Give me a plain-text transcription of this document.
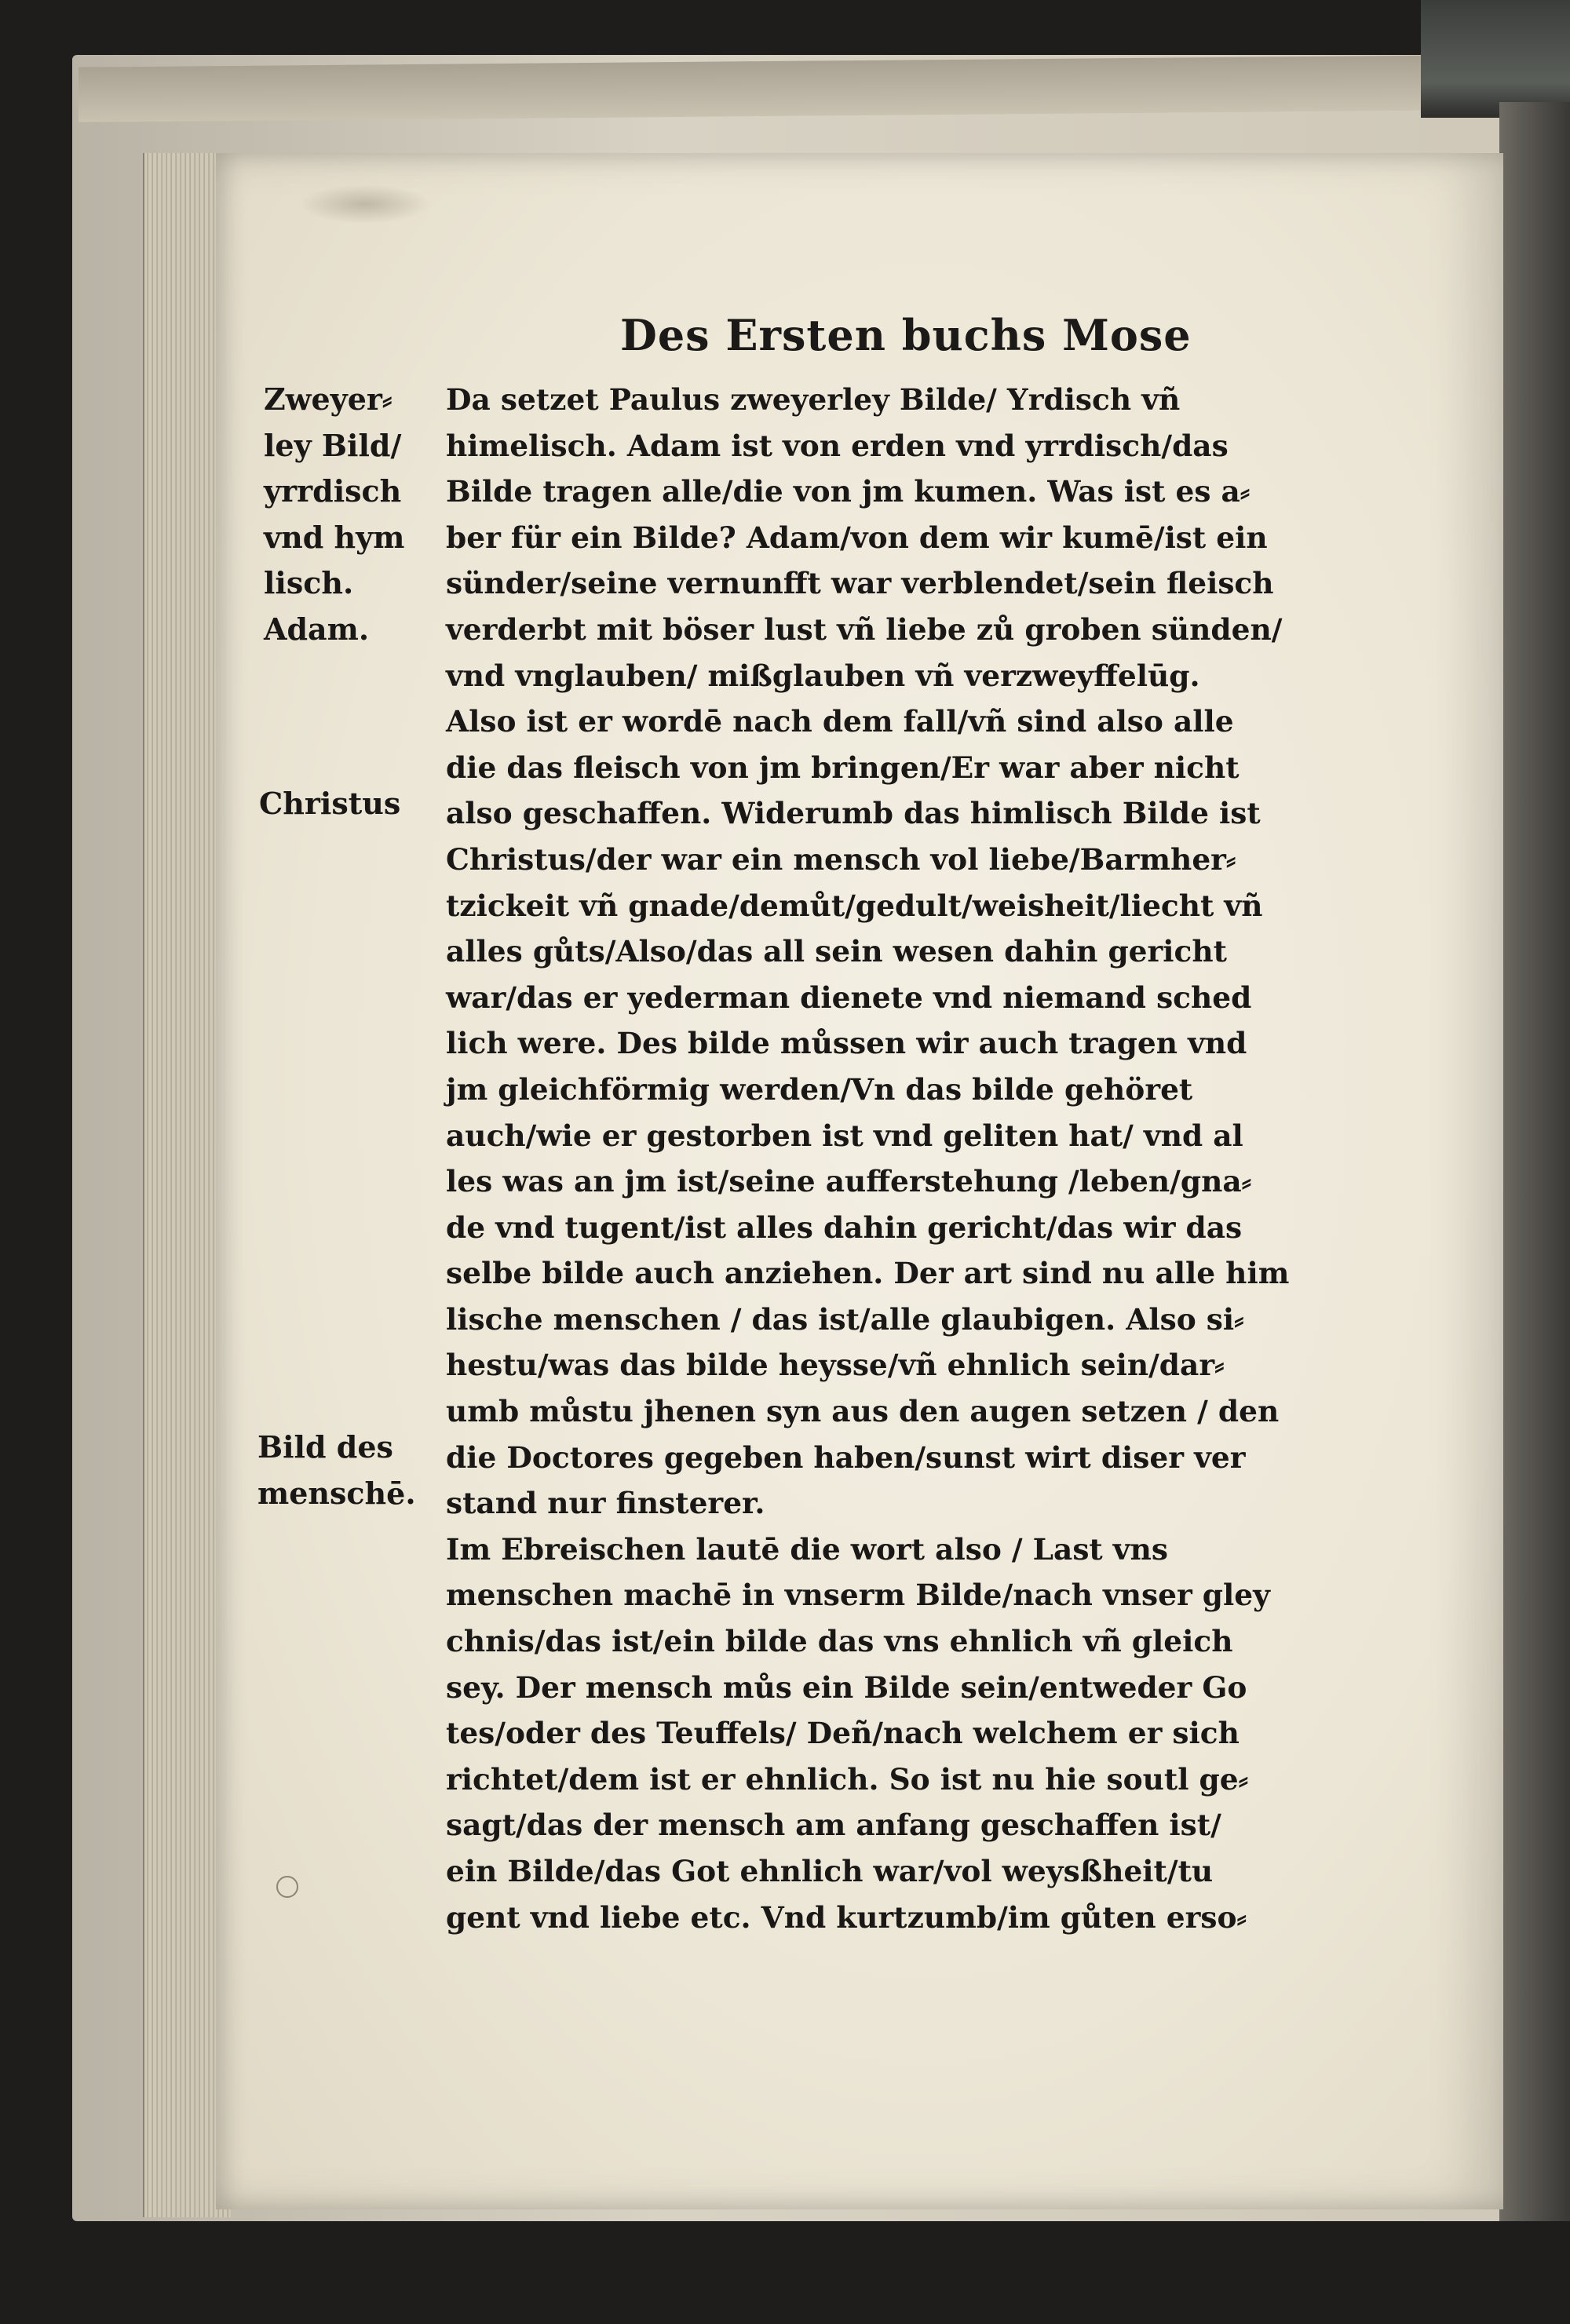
Des Ersten buchs Mose
Zweyer⸗
ley Bild/
yrrdisch
vnd hym
lisch.
Adam.
Christus
Bild des
menschē.
Da setzet Paulus zweyerley Bilde/ Yrdisch vñ
himelisch. Adam ist von erden vnd yrrdisch/das
Bilde tragen alle/die von jm kumen. Was ist es a⸗
ber für ein Bilde? Adam/von dem wir kumē/ist ein
sünder/seine vernunfft war verblendet/sein fleisch
verderbt mit böser lust vñ liebe zů groben sünden/
vnd vnglauben/ mißglauben vñ verzweyffelūg.
Also ist er wordē nach dem fall/vñ sind also alle
die das fleisch von jm bringen/Er war aber nicht
also geschaffen. Widerumb das himlisch Bilde ist
Christus/der war ein mensch vol liebe/Barmher⸗
tzickeit vñ gnade/demůt/gedult/weisheit/liecht vñ
alles gůts/Also/das all sein wesen dahin gericht
war/das er yederman dienete vnd niemand sched
lich were. Des bilde můssen wir auch tragen vnd
jm gleichförmig werden/Vn das bilde gehöret
auch/wie er gestorben ist vnd geliten hat/ vnd al
les was an jm ist/seine aufferstehung /leben/gna⸗
de vnd tugent/ist alles dahin gericht/das wir das
selbe bilde auch anziehen. Der art sind nu alle him
lische menschen / das ist/alle glaubigen. Also si⸗
hestu/was das bilde heysse/vñ ehnlich sein/dar⸗
umb můstu jhenen syn aus den augen setzen / den
die Doctores gegeben haben/sunst wirt diser ver
stand nur finsterer.
Im Ebreischen lautē die wort also / Last vns
menschen machē in vnserm Bilde/nach vnser gley
chnis/das ist/ein bilde das vns ehnlich vñ gleich
sey. Der mensch můs ein Bilde sein/entweder Go
tes/oder des Teuffels/ Deñ/nach welchem er sich
richtet/dem ist er ehnlich. So ist nu hie soutl ge⸗
sagt/das der mensch am anfang geschaffen ist/
ein Bilde/das Got ehnlich war/vol weysßheit/tu
gent vnd liebe etc. Vnd kurtzumb/im gůten erso⸗
